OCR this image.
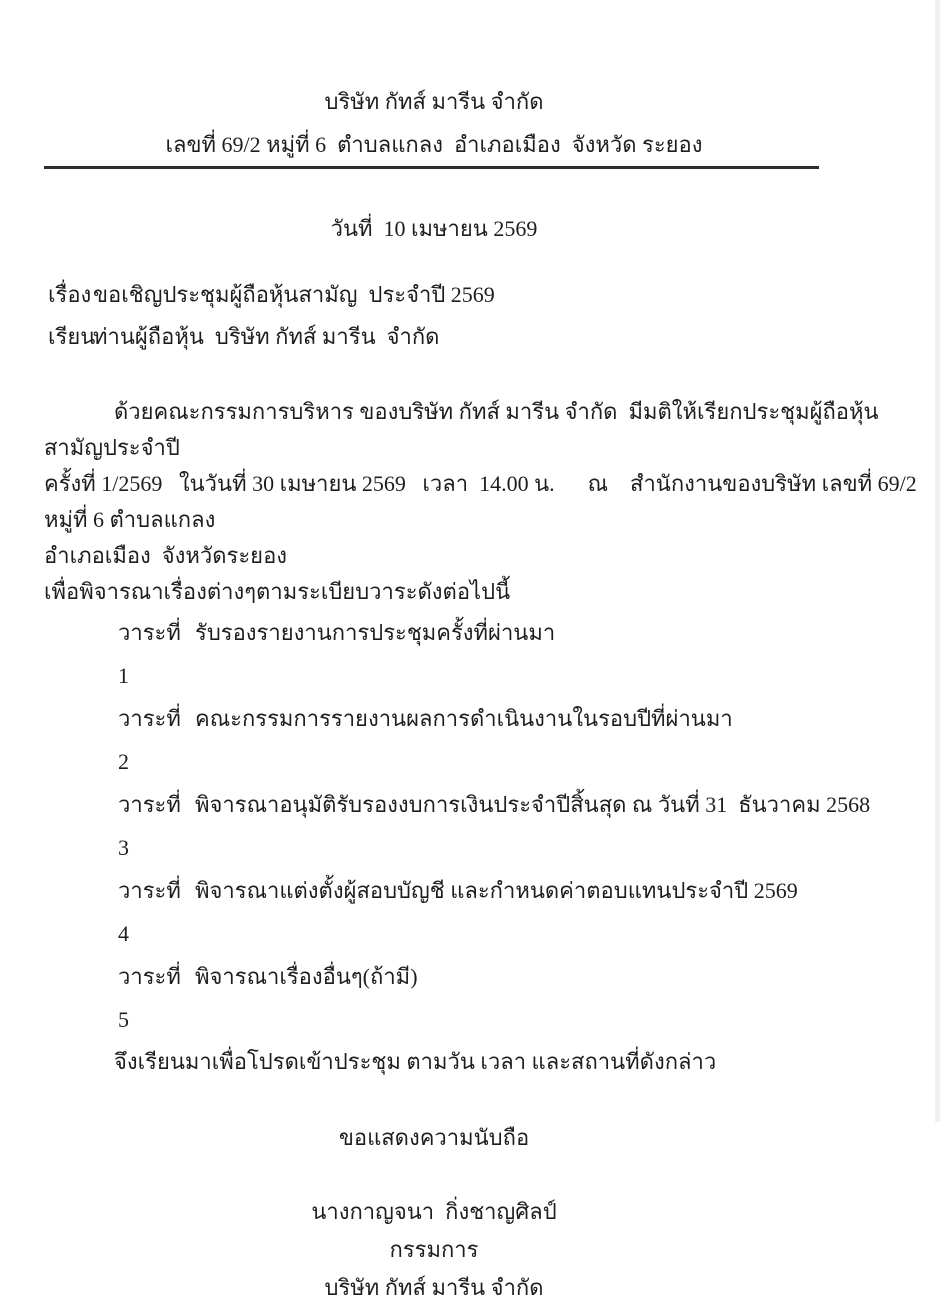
บริษัท กัทส์ มารีน จำกัด
เลขที่ 69/2 หมู่ที่ 6  ตำบลแกลง  อำเภอเมือง  จังหวัด ระยอง
วันที่  10 เมษายน 2569
เรื่อง ขอเชิญประชุมผู้ถือหุ้นสามัญ  ประจำปี 2569
เรียน
ท่านผู้ถือหุ้น  บริษัท กัทส์ มารีน  จำกัด
ด้วยคณะกรรมการบริหาร ของบริษัท กัทส์ มารีน จำกัด  มีมติให้เรียกประชุมผู้ถือหุ้นสามัญประจำปี
ครั้งที่ 1/2569   ในวันที่ 30 เมษายน 2569   เวลา  14.00 น.      ณ    สำนักงานของบริษัท เลขที่ 69/2 หมู่ที่ 6 ตำบลแกลง
อำเภอเมือง  จังหวัดระยอง
เพื่อพิจารณาเรื่องต่างๆตามระเบียบวาระดังต่อไปนี้
วาระที่ 1
รับรองรายงานการประชุมครั้งที่ผ่านมา
วาระที่ 2
คณะกรรมการรายงานผลการดำเนินงานในรอบปีที่ผ่านมา
วาระที่ 3
พิจารณาอนุมัติรับรองงบการเงินประจำปีสิ้นสุด ณ วันที่ 31  ธันวาคม 2568
วาระที่ 4
พิจารณาแต่งตั้งผู้สอบบัญชี และกำหนดค่าตอบแทนประจำปี 2569
วาระที่ 5
พิจารณาเรื่องอื่นๆ(ถ้ามี)
จึงเรียนมาเพื่อโปรดเข้าประชุม ตามวัน เวลา และสถานที่ดังกล่าว
ขอแสดงความนับถือ
นางกาญจนา  กิ่งชาญศิลป์
กรรมการ
บริษัท กัทส์ มารีน จำกัด
